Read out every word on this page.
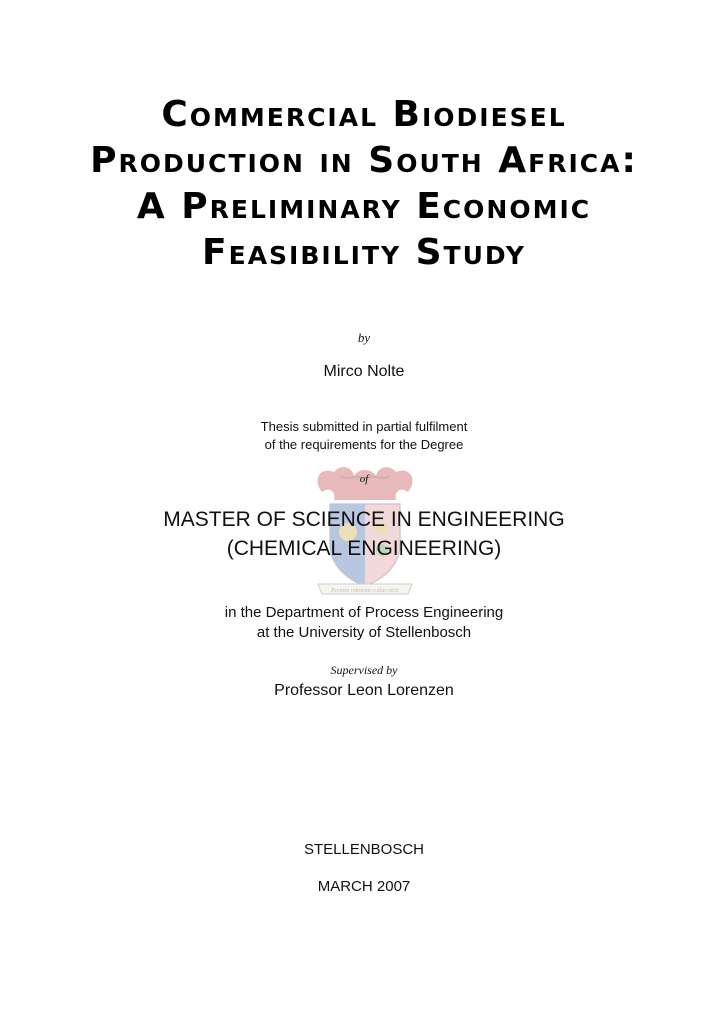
Pectora roborant cultus recti
Commercial Biodiesel
Production in South Africa:
A Preliminary Economic
Feasibility Study
by
Mirco Nolte
Thesis submitted in partial fulfilment
of the requirements for the Degree
of
MASTER OF SCIENCE IN ENGINEERING
(CHEMICAL ENGINEERING)
in the Department of Process Engineering
at the University of Stellenbosch
Supervised by
Professor Leon Lorenzen
STELLENBOSCH
MARCH 2007
